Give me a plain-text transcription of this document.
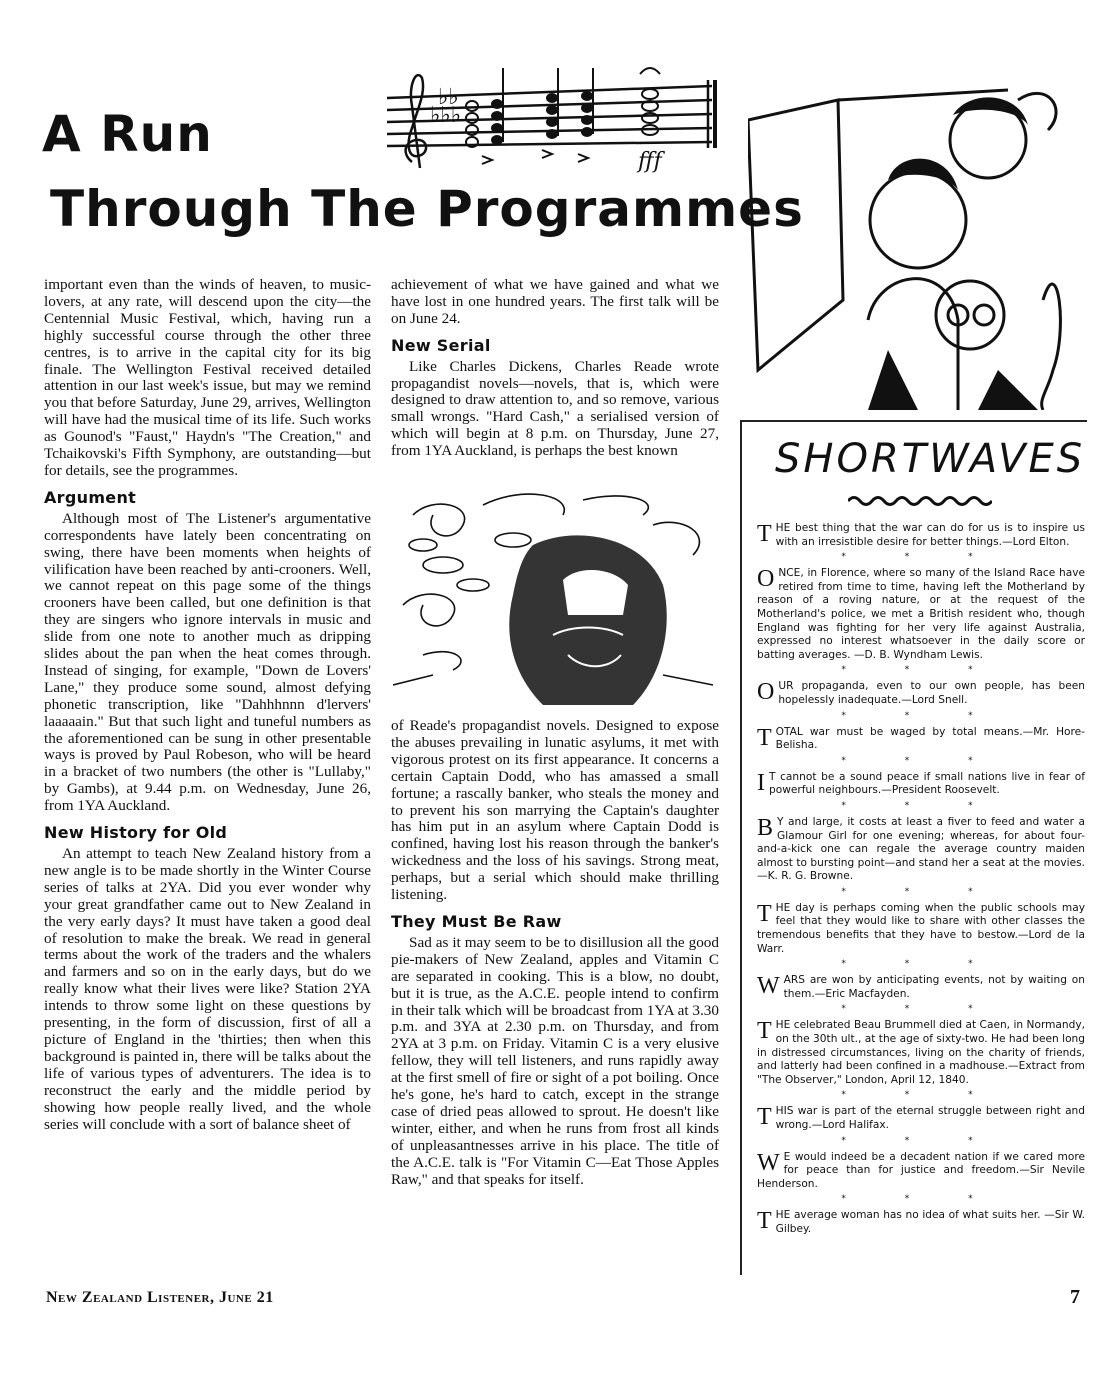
A Run
Through The Programmes
fff
♭♭
♭♭♭

important even than the winds of heaven, to music-lovers, at any rate, will descend upon the city—the Centennial Music Festival, which, having run a highly successful course through the other three centres, is to arrive in the capital city for its big finale. The Wellington Festival received detailed attention in our last week's issue, but may we remind you that before Saturday, June 29, arrives, Wellington will have had the musical time of its life. Such works as Gounod's "Faust," Haydn's "The Creation," and Tchaikovski's Fifth Symphony, are outstanding—but for details, see the programmes.

Argument

Although most of The Listener's argumentative correspondents have lately been concentrating on swing, there have been moments when heights of vilification have been reached by anti-crooners. Well, we cannot repeat on this page some of the things crooners have been called, but one definition is that they are singers who ignore intervals in music and slide from one note to another much as dripping slides about the pan when the heat comes through. Instead of singing, for example, "Down de Lovers' Lane," they produce some sound, almost defying phonetic transcription, like "Dahhhnnn d'lervers' laaaaain." But that such light and tuneful numbers as the aforementioned can be sung in other presentable ways is proved by Paul Robeson, who will be heard in a bracket of two numbers (the other is "Lullaby," by Gambs), at 9.44 p.m. on Wednesday, June 26, from 1YA Auckland.

New History for Old

An attempt to teach New Zealand history from a new angle is to be made shortly in the Winter Course series of talks at 2YA. Did you ever wonder why your great grandfather came out to New Zealand in the very early days? It must have taken a good deal of resolution to make the break. We read in general terms about the work of the traders and the whalers and farmers and so on in the early days, but do we really know what their lives were like? Station 2YA intends to throw some light on these questions by presenting, in the form of discussion, first of all a picture of England in the 'thirties; then when this background is painted in, there will be talks about the life of various types of adventurers. The idea is to reconstruct the early and the middle period by showing how people really lived, and the whole series will conclude with a sort of balance sheet of

achievement of what we have gained and what we have lost in one hundred years. The first talk will be on June 24.

New Serial

Like Charles Dickens, Charles Reade wrote propagandist novels—novels, that is, which were designed to draw attention to, and so remove, various small wrongs. "Hard Cash," a serialised version of which will begin at 8 p.m. on Thursday, June 27, from 1YA Auckland, is perhaps the best known

of Reade's propagandist novels. Designed to expose the abuses prevailing in lunatic asylums, it met with vigorous protest on its first appearance. It concerns a certain Captain Dodd, who has amassed a small fortune; a rascally banker, who steals the money and to prevent his son marrying the Captain's daughter has him put in an asylum where Captain Dodd is confined, having lost his reason through the banker's wickedness and the loss of his savings. Strong meat, perhaps, but a serial which should make thrilling listening.

They Must Be Raw

Sad as it may seem to be to disillusion all the good pie-makers of New Zealand, apples and Vitamin C are separated in cooking. This is a blow, no doubt, but it is true, as the A.C.E. people intend to confirm in their talk which will be broadcast from 1YA at 3.30 p.m. and 3YA at 2.30 p.m. on Thursday, and from 2YA at 3 p.m. on Friday. Vitamin C is a very elusive fellow, they will tell listeners, and runs rapidly away at the first smell of fire or sight of a pot boiling. Once he's gone, he's hard to catch, except in the strange case of dried peas allowed to sprout. He doesn't like winter, either, and when he runs from frost all kinds of unpleasantnesses arrive in his place. The title of the A.C.E. talk is "For Vitamin C—Eat Those Apples Raw," and that speaks for itself.

SHORTWAVES
THE best thing that the war can do for us is to inspire us with an irresistible desire for better things.—Lord Elton.
* * *
ONCE, in Florence, where so many of the Island Race have retired from time to time, having left the Motherland by reason of a roving nature, or at the request of the Motherland's police, we met a British resident who, though England was fighting for her very life against Australia, expressed no interest whatsoever in the daily score or batting averages. —D. B. Wyndham Lewis.
* * *
OUR propaganda, even to our own people, has been hopelessly inadequate.—Lord Snell.
* * *
TOTAL war must be waged by total means.—Mr. Hore-Belisha.
* * *
I T cannot be a sound peace if small nations live in fear of powerful neighbours.—President Roosevelt.
* * *
B Y and large, it costs at least a fiver to feed and water a Glamour Girl for one evening; whereas, for about four-and-a-kick one can regale the average country maiden almost to bursting point—and stand her a seat at the movies.—K. R. G. Browne.
* * *
THE day is perhaps coming when the public schools may feel that they would like to share with other classes the tremendous benefits that they have to bestow.—Lord de la Warr.
* * *
WARS are won by anticipating events, not by waiting on them.—Eric Macfayden.
* * *
THE celebrated Beau Brummell died at Caen, in Normandy, on the 30th ult., at the age of sixty-two. He had been long in distressed circumstances, living on the charity of friends, and latterly had been confined in a madhouse.—Extract from "The Observer," London, April 12, 1840.
* * *
THIS war is part of the eternal struggle between right and wrong.—Lord Halifax.
* * *
W E would indeed be a decadent nation if we cared more for peace than for justice and freedom.—Sir Nevile Henderson.
* * *
THE average woman has no idea of what suits her. —Sir W. Gilbey.
New Zealand Listener, June 21	7
